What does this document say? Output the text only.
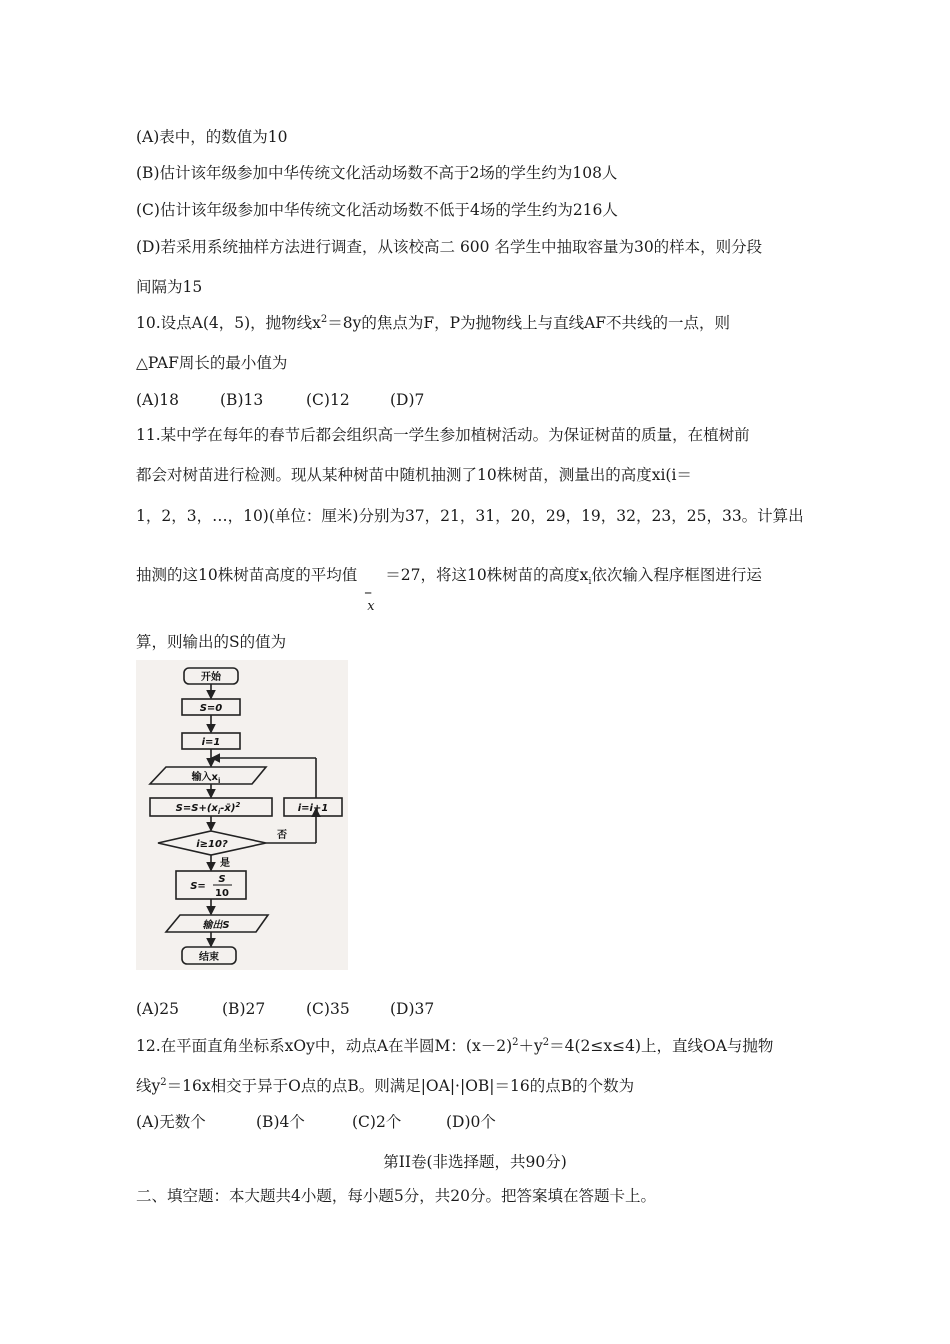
(A)表中，的数值为10
(B)估计该年级参加中华传统文化活动场数不高于2场的学生约为108人
(C)估计该年级参加中华传统文化活动场数不低于4场的学生约为216人
(D)若采用系统抽样方法进行调查，从该校高二 600 名学生中抽取容量为30的样本，则分段
间隔为15
10.设点A(4，5)，抛物线$x^2=8y$的焦点为F，P为抛物线上与直线AF不共线的一点，则
△PAF周长的最小值为
(A)18	(B)13	(C)12	(D)7
11.某中学在每年的春节后都会组织高一学生参加植树活动。为保证树苗的质量，在植树前
都会对树苗进行检测。现从某种树苗中随机抽测了10株树苗，测量出的高度xi(i＝
1，2，3，…，10)(单位：厘米)分别为37，21，31，20，29，19，32，23，25，33。计算出
抽测的这10株树苗高度的平均值
–
x
＝27，将这10株树苗的高度$x_i$依次输入程序框图进行运
算，则输出的S的值为
开始
S=0
i=1
输入$x_i$
$S=S+(x_i-x̄)^2$	i=i+1
i≥10?
否
是
S=
S
10
输出S
结束
(A)25	(B)27	(C)35	(D)37
12.在平面直角坐标系xOy中，动点A在半圆M：$(x-2)^2+y^2=4(2\le x\le 4)$上，直线OA与抛物
线$y^2=16x$相交于异于O点的点B。则满足|OA|·|OB|＝16的点B的个数为
(A)无数个	(B)4个	(C)2个	(D)0个
第II卷(非选择题，共90分)
二、填空题：本大题共4小题，每小题5分，共20分。把答案填在答题卡上。
